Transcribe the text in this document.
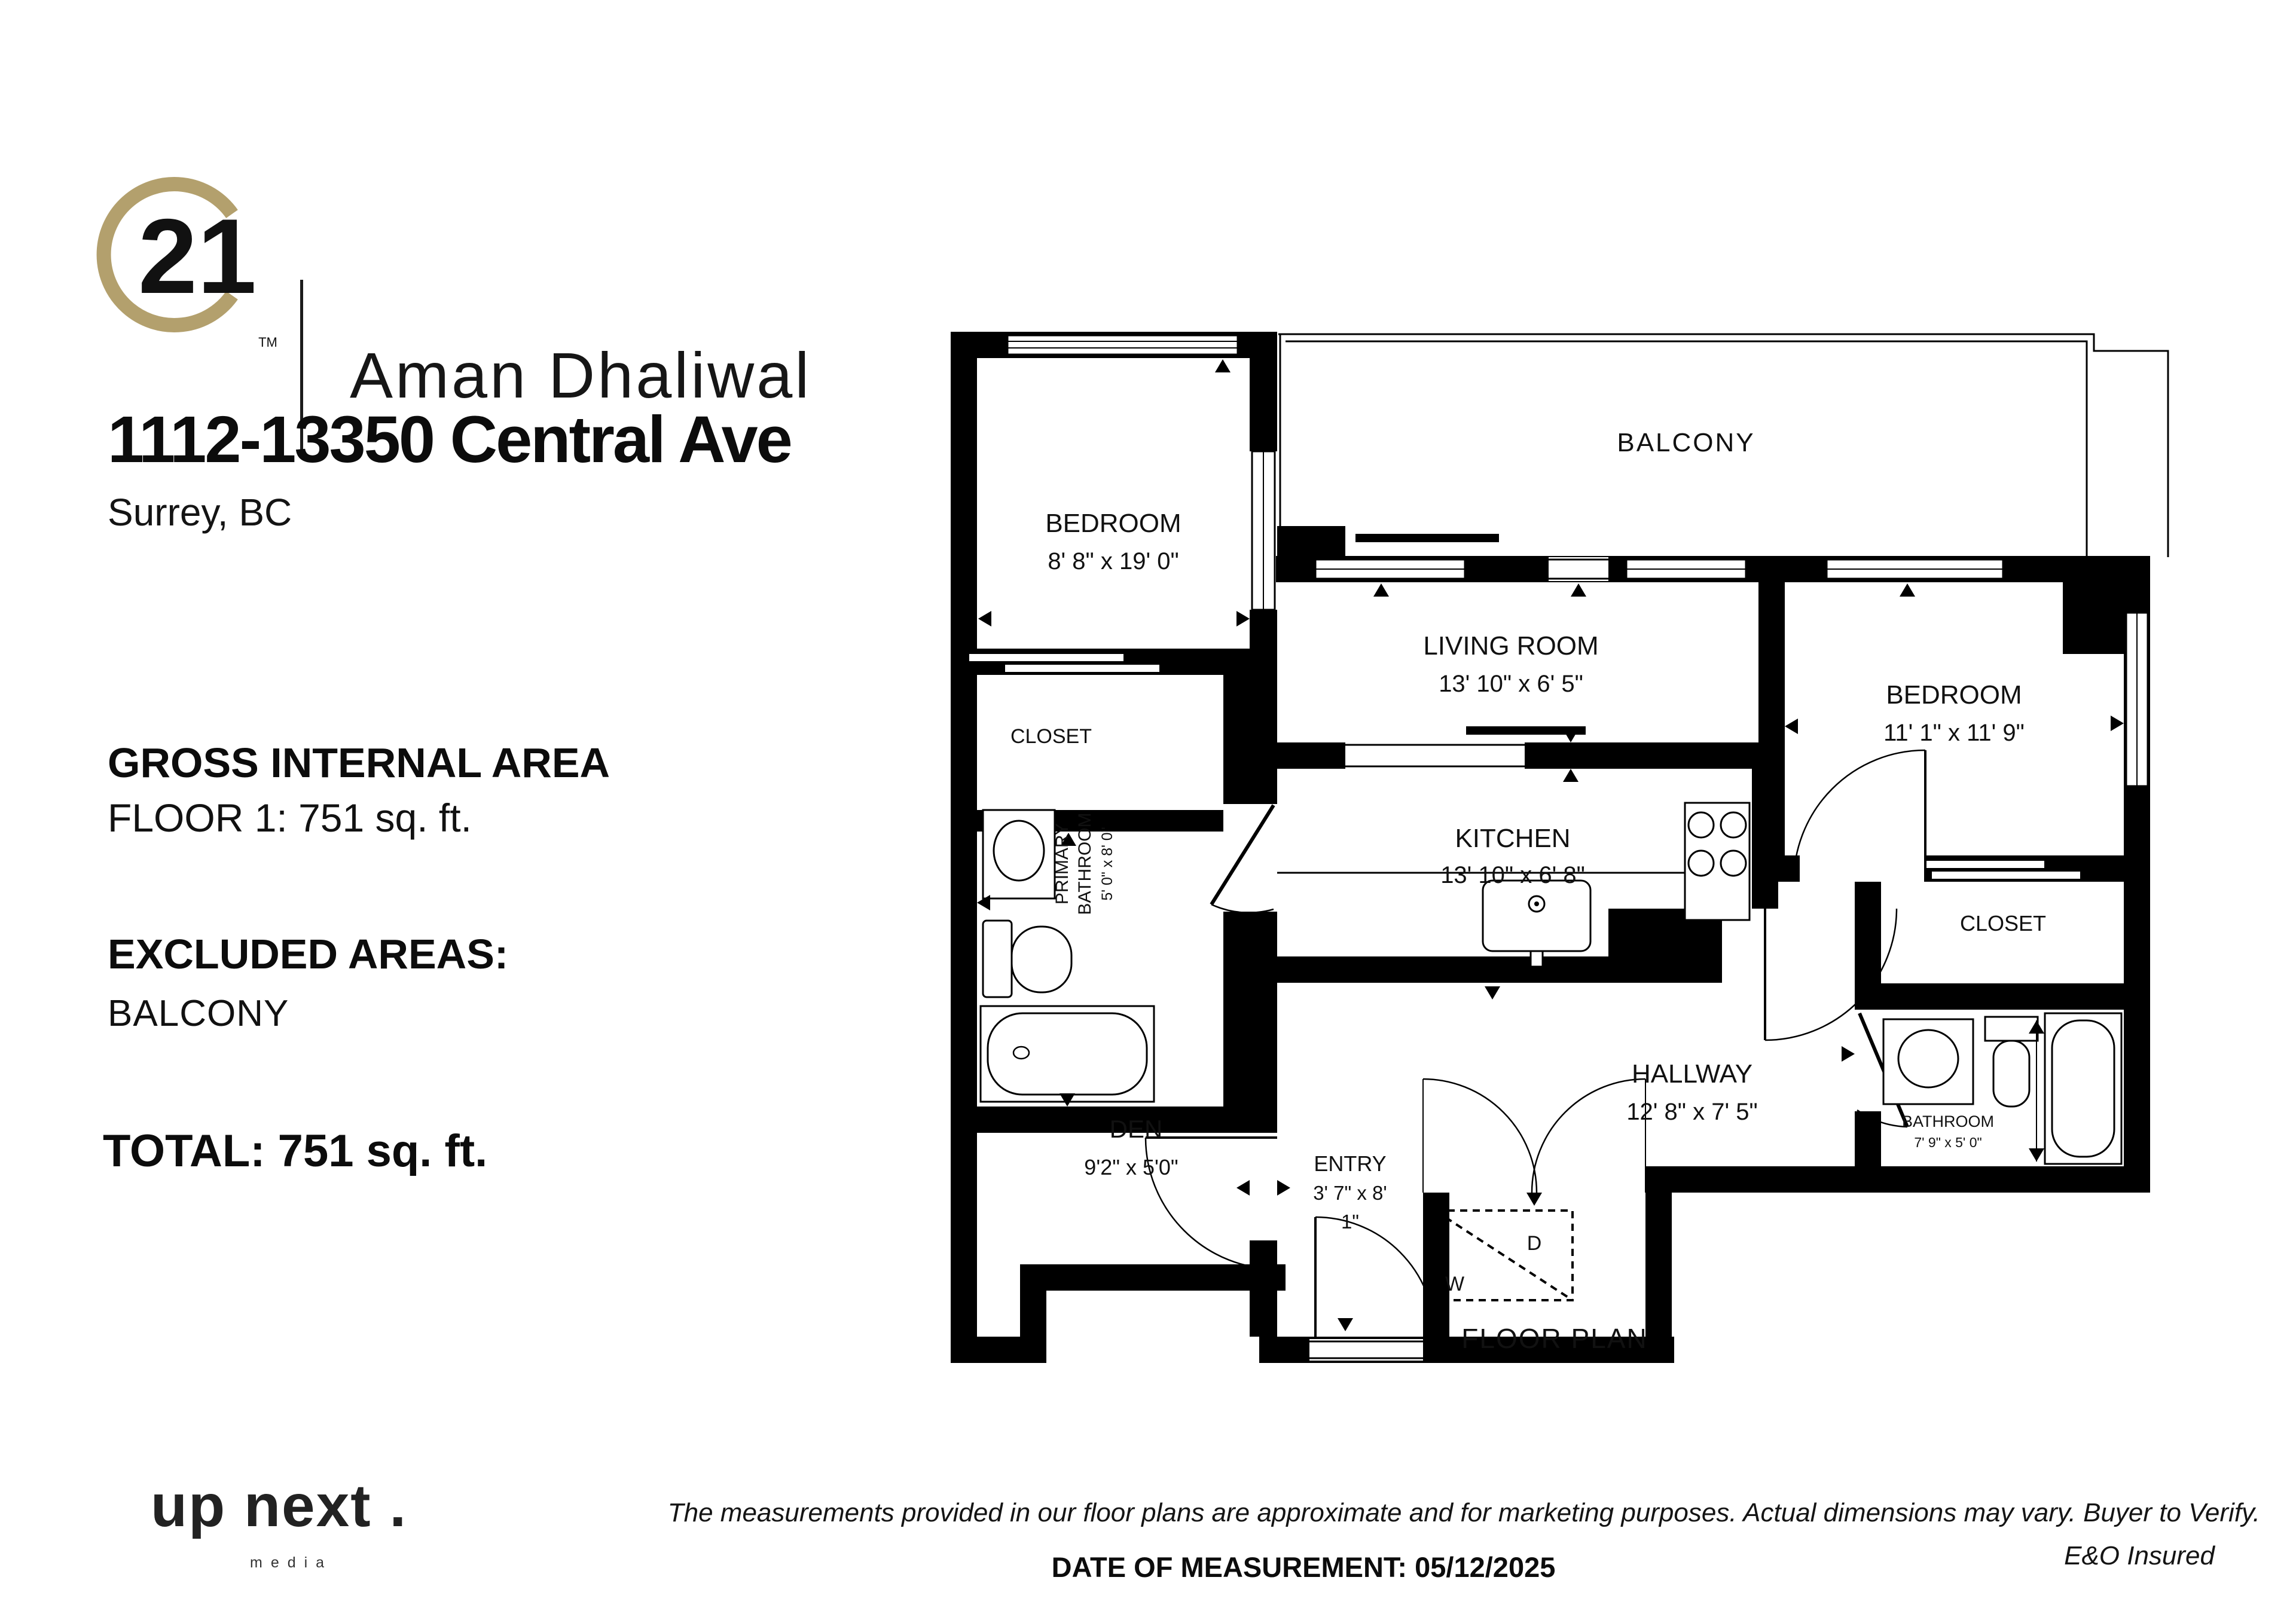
21
TM Aman Dhaliwal
1112-13350 Central Ave
Surrey, BC
GROSS INTERNAL AREA
FLOOR 1: 751 sq. ft.
EXCLUDED AREAS:
BALCONY
TOTAL: 751 sq. ft.
W
D
BALCONY
BEDROOM
8' 8" x 19' 0"
LIVING ROOM
13' 10" x 6' 5"	BEDROOM
11' 1" x 11' 9"
CLOSET
PRIMARY BATHROOM 5' 0" x 8' 0"	KITCHEN
13' 10" x 6' 8"
CLOSET
BATHROOM
7' 9" x 5' 0"
HALLWAY
12' 8" x 7' 5"
DEN
9'2" x 5'0"	ENTRY
3' 7" x 8'
1"
FLOOR PLAN
up next .
media
The measurements provided in our floor plans are approximate and for marketing purposes. Actual dimensions may vary. Buyer to Verify.
E&O Insured
DATE OF MEASUREMENT: 05/12/2025
